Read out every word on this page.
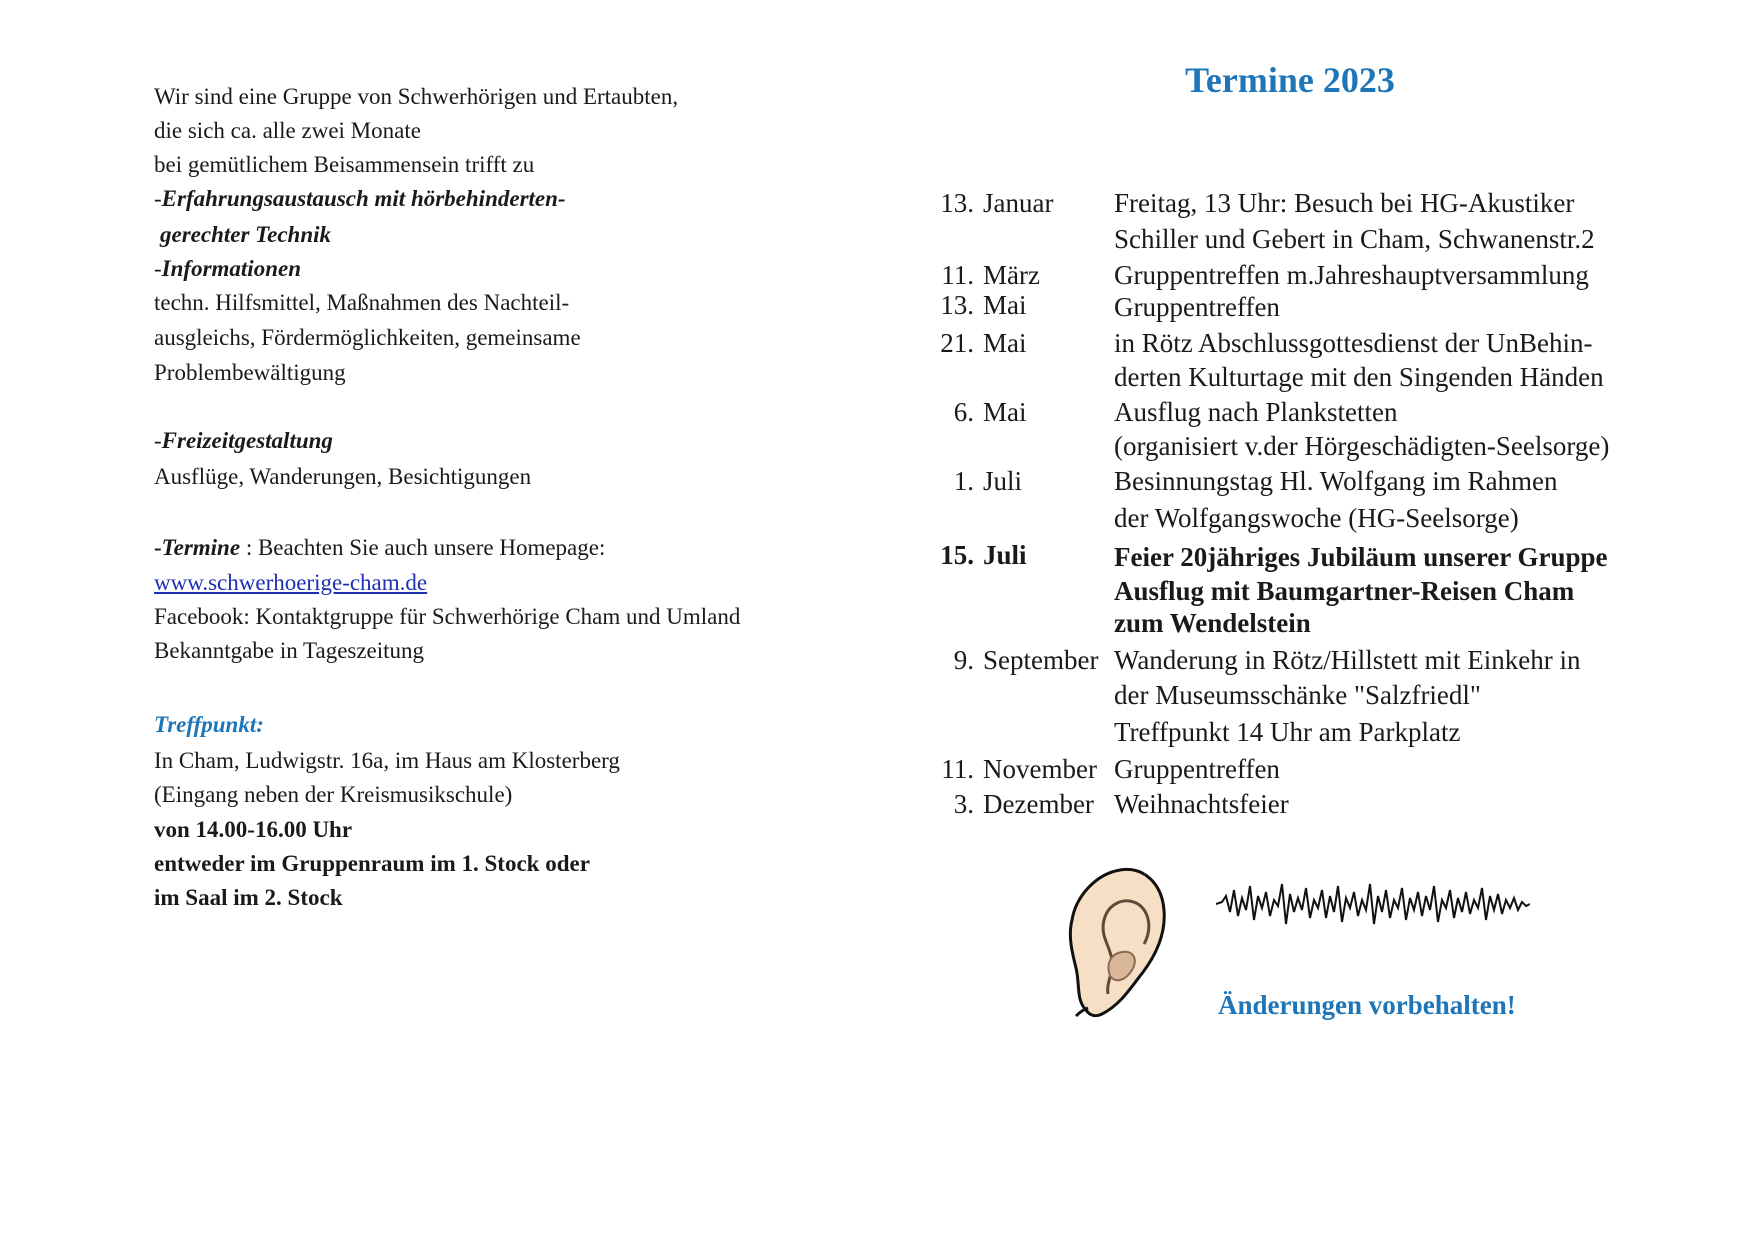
Wir sind eine Gruppe von Schwerhörigen und Ertaubten,
die sich ca. alle zwei Monate
bei gemütlichem Beisammensein trifft zu
-Erfahrungsaustausch mit hörbehinderten-
gerechter Technik
-Informationen
techn. Hilfsmittel, Maßnahmen des Nachteil-
ausgleichs, Fördermöglichkeiten, gemeinsame
Problembewältigung
-Freizeitgestaltung
Ausflüge, Wanderungen, Besichtigungen
-Termine : Beachten Sie auch unsere Homepage:
www.schwerhoerige-cham.de
Facebook: Kontaktgruppe für Schwerhörige Cham und Umland
Bekanntgabe in Tageszeitung
Treffpunkt:
In Cham, Ludwigstr. 16a, im Haus am Klosterberg
(Eingang neben der Kreismusikschule)
von 14.00-16.00 Uhr
entweder im Gruppenraum im 1. Stock oder
im Saal im 2. Stock
Termine 2023
13. Januar	Freitag, 13 Uhr: Besuch bei HG-Akustiker
Schiller und Gebert in Cham, Schwanenstr.2
11. März	Gruppentreffen m.Jahreshauptversammlung
13. Mai	Gruppentreffen
21. Mai	in Rötz Abschlussgottesdienst der UnBehin-
derten Kulturtage mit den Singenden Händen
6. Mai	Ausflug nach Plankstetten
(organisiert v.der Hörgeschädigten-Seelsorge)
1. Juli	Besinnungstag Hl. Wolfgang im Rahmen
der Wolfgangswoche (HG-Seelsorge)
15. Juli	Feier 20jähriges Jubiläum unserer Gruppe
Ausflug mit Baumgartner-Reisen Cham
zum Wendelstein
9. September Wanderung in Rötz/Hillstett mit Einkehr in
der Museumsschänke "Salzfriedl"
Treffpunkt 14 Uhr am Parkplatz
11. November Gruppentreffen
3. Dezember Weihnachtsfeier
Änderungen vorbehalten!
